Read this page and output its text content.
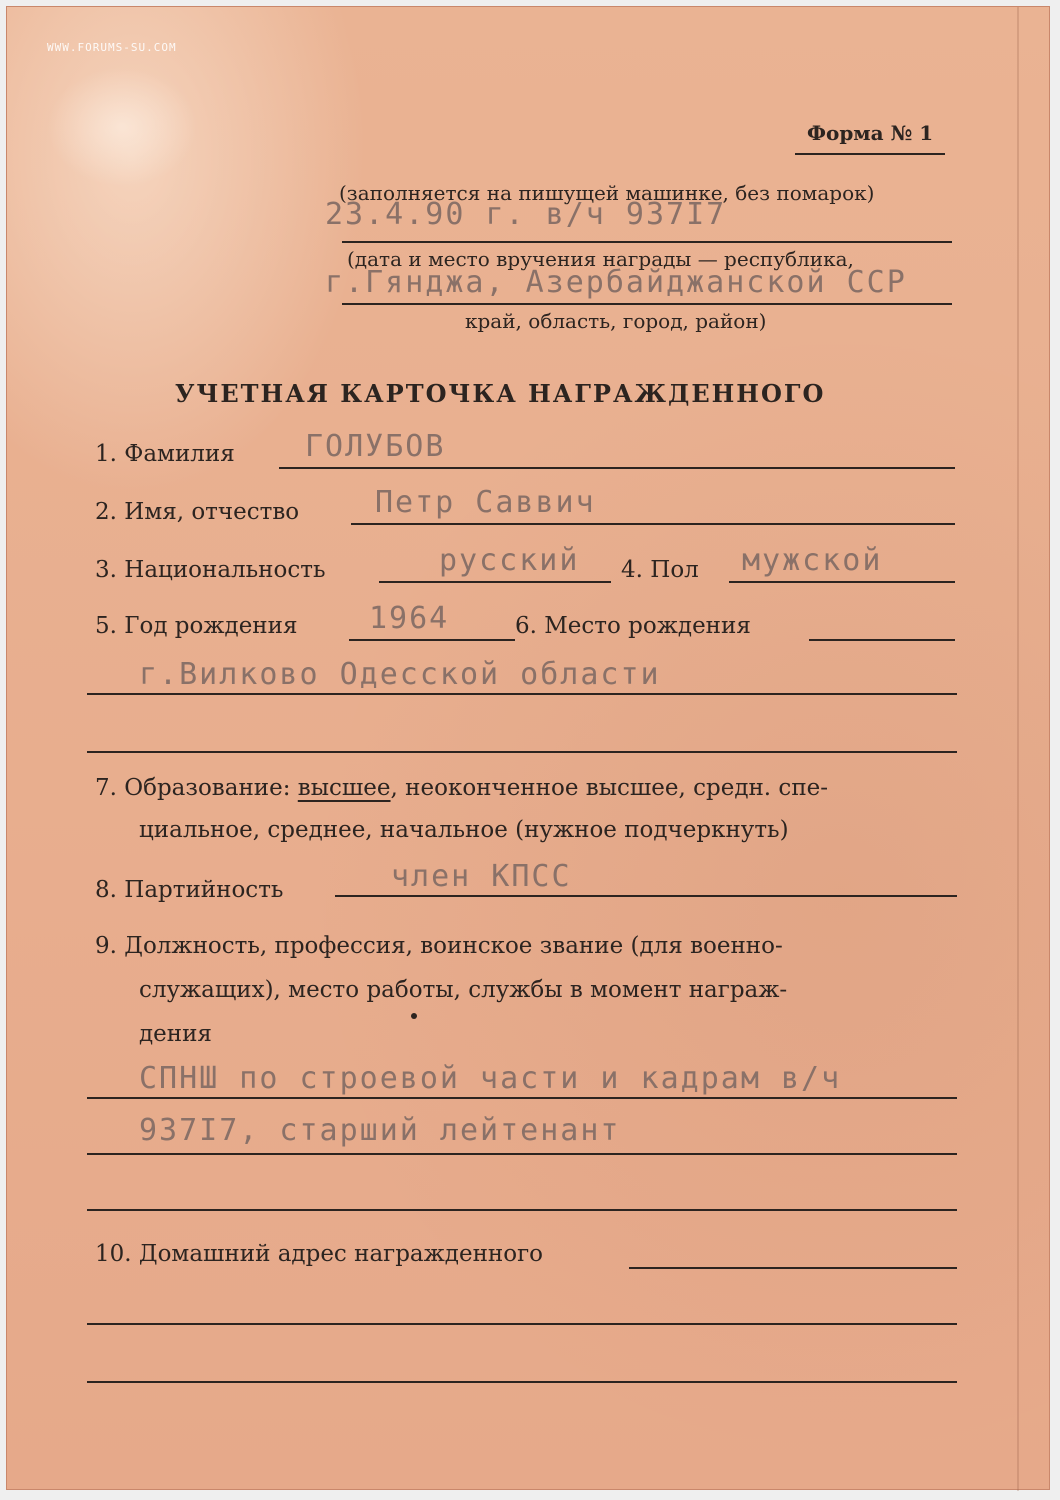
WWW.FORUMS-SU.COM
Форма № 1
(заполняется на пишущей машинке, без помарок)
23.4.90 г. в/ч 937I7
(дата и место вручения награды — республика,
г.Гянджа, Азербайджанской ССР
край, область, город, район)
УЧЕТНАЯ КАРТОЧКА НАГРАЖДЕННОГО
1. Фамилия ГОЛУБОВ
2. Имя, отчество	Петр Саввич
3. Национальность	русский 4. Пол мужской
5. Год рождения 1964	6. Место рождения
г.Вилково Одесской области
7. Образование: высшее, неоконченное высшее, средн. спе-
циальное, среднее, начальное (нужное подчеркнуть)
8. Партийность	член КПСС
9. Должность, профессия, воинское звание (для военно-
служащих), место работы, службы в момент награж-
дения
СПНШ по строевой части и кадрам в/ч
937I7, старший лейтенант
10. Домашний адрес награжденного
